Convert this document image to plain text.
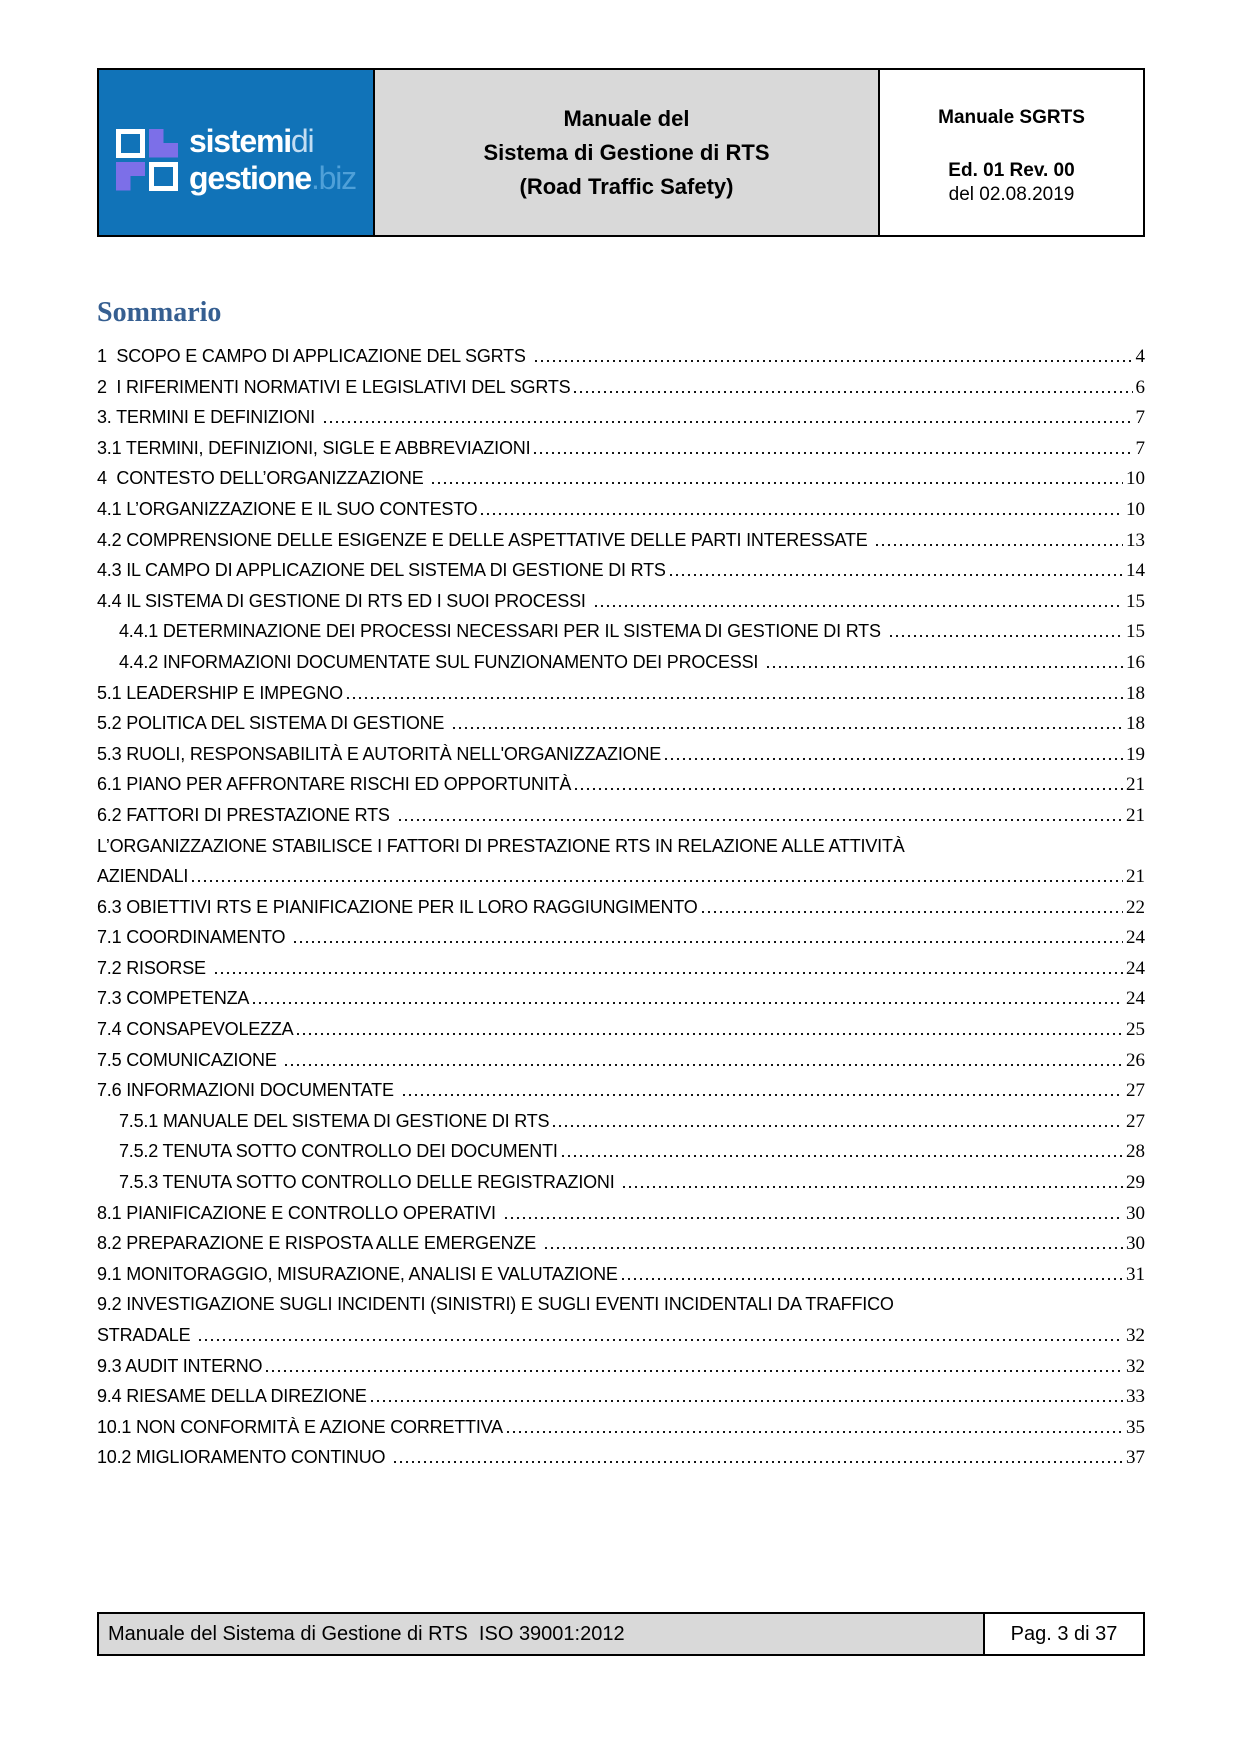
sistemidi
gestione.biz
Manuale del
Sistema di Gestione di RTS
(Road Traffic Safety)
Manuale SGRTS
Ed. 01 Rev. 00
del 02.08.2019
Sommario
1  SCOPO E CAMPO DI APPLICAZIONE DEL SGRTS	4
2  I RIFERIMENTI NORMATIVI E LEGISLATIVI DEL SGRTS	6
3. TERMINI E DEFINIZIONI	7
3.1 TERMINI, DEFINIZIONI, SIGLE E ABBREVIAZIONI	7
4  CONTESTO DELL’ORGANIZZAZIONE	10
4.1 L’ORGANIZZAZIONE E IL SUO CONTESTO	10
4.2 COMPRENSIONE DELLE ESIGENZE E DELLE ASPETTATIVE DELLE PARTI INTERESSATE	13
4.3 IL CAMPO DI APPLICAZIONE DEL SISTEMA DI GESTIONE DI RTS	14
4.4 IL SISTEMA DI GESTIONE DI RTS ED I SUOI PROCESSI	15
4.4.1 DETERMINAZIONE DEI PROCESSI NECESSARI PER IL SISTEMA DI GESTIONE DI RTS	15
4.4.2 INFORMAZIONI DOCUMENTATE SUL FUNZIONAMENTO DEI PROCESSI	16
5.1 LEADERSHIP E IMPEGNO	18
5.2 POLITICA DEL SISTEMA DI GESTIONE	18
5.3 RUOLI, RESPONSABILITÀ E AUTORITÀ NELL'ORGANIZZAZIONE	19
6.1 PIANO PER AFFRONTARE RISCHI ED OPPORTUNITÀ	21
6.2 FATTORI DI PRESTAZIONE RTS	21
L’ORGANIZZAZIONE STABILISCE I FATTORI DI PRESTAZIONE RTS IN RELAZIONE ALLE ATTIVITÀ
AZIENDALI	21
6.3 OBIETTIVI RTS E PIANIFICAZIONE PER IL LORO RAGGIUNGIMENTO	22
7.1 COORDINAMENTO	24
7.2 RISORSE	24
7.3 COMPETENZA	24
7.4 CONSAPEVOLEZZA	25
7.5 COMUNICAZIONE	26
7.6 INFORMAZIONI DOCUMENTATE	27
7.5.1 MANUALE DEL SISTEMA DI GESTIONE DI RTS	27
7.5.2 TENUTA SOTTO CONTROLLO DEI DOCUMENTI	28
7.5.3 TENUTA SOTTO CONTROLLO DELLE REGISTRAZIONI	29
8.1 PIANIFICAZIONE E CONTROLLO OPERATIVI	30
8.2 PREPARAZIONE E RISPOSTA ALLE EMERGENZE	30
9.1 MONITORAGGIO, MISURAZIONE, ANALISI E VALUTAZIONE	31
9.2 INVESTIGAZIONE SUGLI INCIDENTI (SINISTRI) E SUGLI EVENTI INCIDENTALI DA TRAFFICO
STRADALE	32
9.3 AUDIT INTERNO	32
9.4 RIESAME DELLA DIREZIONE	33
10.1 NON CONFORMITÀ E AZIONE CORRETTIVA	35
10.2 MIGLIORAMENTO CONTINUO	37
Manuale del Sistema di Gestione di RTS  ISO 39001:2012	Pag. 3 di 37
